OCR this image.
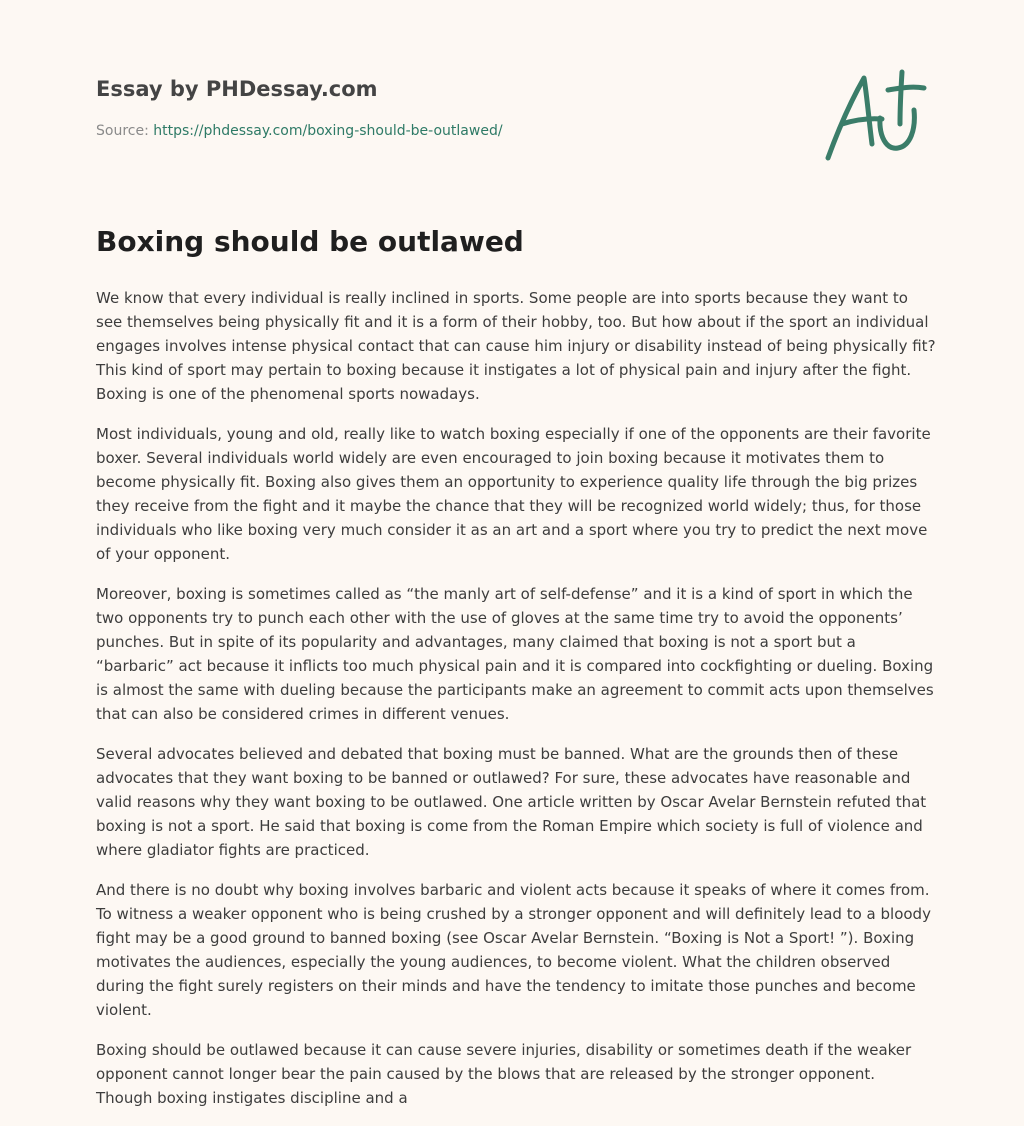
Essay by PHDessay.com

Source: https://phdessay.com/boxing-should-be-outlawed/

Boxing should be outlawed

We know that every individual is really inclined in sports. Some people are into sports because they want to see themselves being physically fit and it is a form of their hobby, too. But how about if the sport an individual engages involves intense physical contact that can cause him injury or disability instead of being physically fit? This kind of sport may pertain to boxing because it instigates a lot of physical pain and injury after the fight. Boxing is one of the phenomenal sports nowadays.

Most individuals, young and old, really like to watch boxing especially if one of the opponents are their favorite boxer. Several individuals world widely are even encouraged to join boxing because it motivates them to become physically fit. Boxing also gives them an opportunity to experience quality life through the big prizes they receive from the fight and it maybe the chance that they will be recognized world widely; thus, for those individuals who like boxing very much consider it as an art and a sport where you try to predict the next move of your opponent.

Moreover, boxing is sometimes called as “the manly art of self-defense” and it is a kind of sport in which the two opponents try to punch each other with the use of gloves at the same time try to avoid the opponents’ punches. But in spite of its popularity and advantages, many claimed that boxing is not a sport but a “barbaric” act because it inflicts too much physical pain and it is compared into cockfighting or dueling. Boxing is almost the same with dueling because the participants make an agreement to commit acts upon themselves that can also be considered crimes in different venues.

Several advocates believed and debated that boxing must be banned. What are the grounds then of these advocates that they want boxing to be banned or outlawed? For sure, these advocates have reasonable and valid reasons why they want boxing to be outlawed. One article written by Oscar Avelar Bernstein refuted that boxing is not a sport. He said that boxing is come from the Roman Empire which society is full of violence and where gladiator fights are practiced.

And there is no doubt why boxing involves barbaric and violent acts because it speaks of where it comes from. To witness a weaker opponent who is being crushed by a stronger opponent and will definitely lead to a bloody fight may be a good ground to banned boxing (see Oscar Avelar Bernstein. “Boxing is Not a Sport! ”). Boxing motivates the audiences, especially the young audiences, to become violent. What the children observed during the fight surely registers on their minds and have the tendency to imitate those punches and become violent.

Boxing should be outlawed because it can cause severe injuries, disability or sometimes death if the weaker opponent cannot longer bear the pain caused by the blows that are released by the stronger opponent. Though boxing instigates discipline and a
